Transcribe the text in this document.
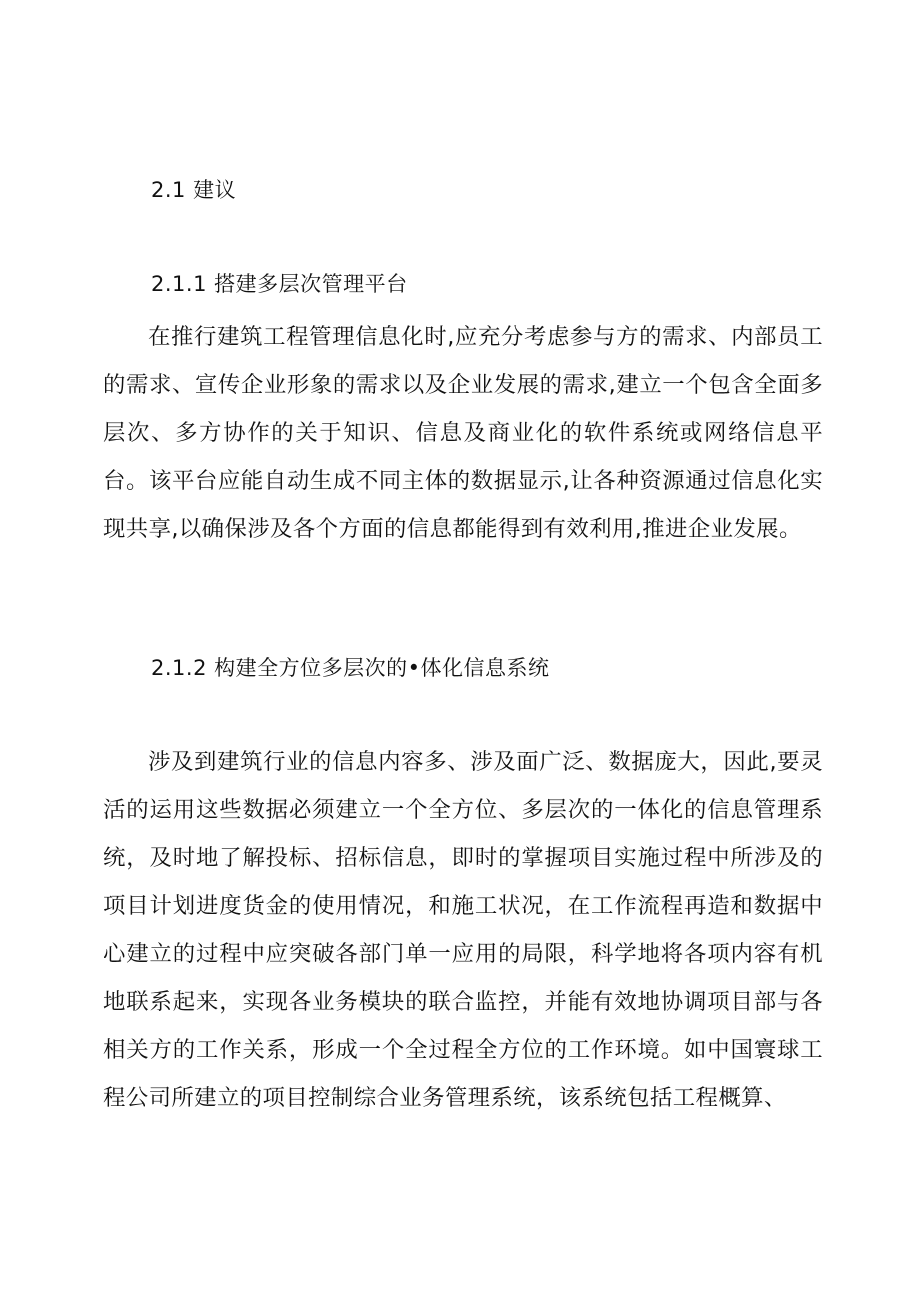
2.1 建议
2.1.1 搭建多层次管理平台

在推行建筑工程管理信息化时,应充分考虑参与方的需求、内部员工的需求、宣传企业形象的需求以及企业发展的需求,建立一个包含全面多层次、多方协作的关于知识、信息及商业化的软件系统或网络信息平台。该平台应能自动生成不同主体的数据显示,让各种资源通过信息化实现共享,以确保涉及各个方面的信息都能得到有效利用,推进企业发展。

2.1.2 构建全方位多层次的•体化信息系统

涉及到建筑行业的信息内容多、涉及面广泛、数据庞大，因此,要灵活的运用这些数据必须建立一个全方位、多层次的一体化的信息管理系统，及时地了解投标、招标信息，即时的掌握项目实施过程中所涉及的项目计划进度货金的使用情况，和施工状况，在工作流程再造和数据中心建立的过程中应突破各部门单一应用的局限，科学地将各项内容有机地联系起来，实现各业务模块的联合监控，并能有效地协调项目部与各相关方的工作关系，形成一个全过程全方位的工作环境。如中国寰球工程公司所建立的项目控制综合业务管理系统，该系统包括工程概算、
